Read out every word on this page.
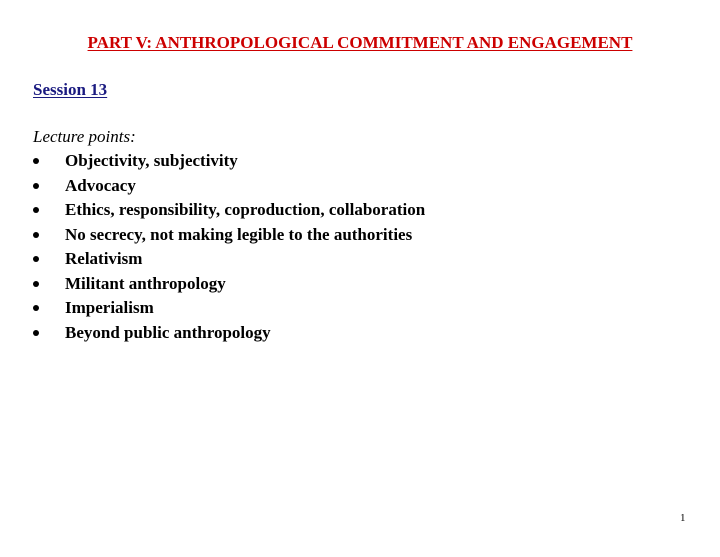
PART V: ANTHROPOLOGICAL COMMITMENT AND ENGAGEMENT
Session 13
Lecture points:
Objectivity, subjectivity
Advocacy
Ethics, responsibility, coproduction, collaboration
No secrecy, not making legible to the authorities
Relativism
Militant anthropology
Imperialism
Beyond public anthropology
1
